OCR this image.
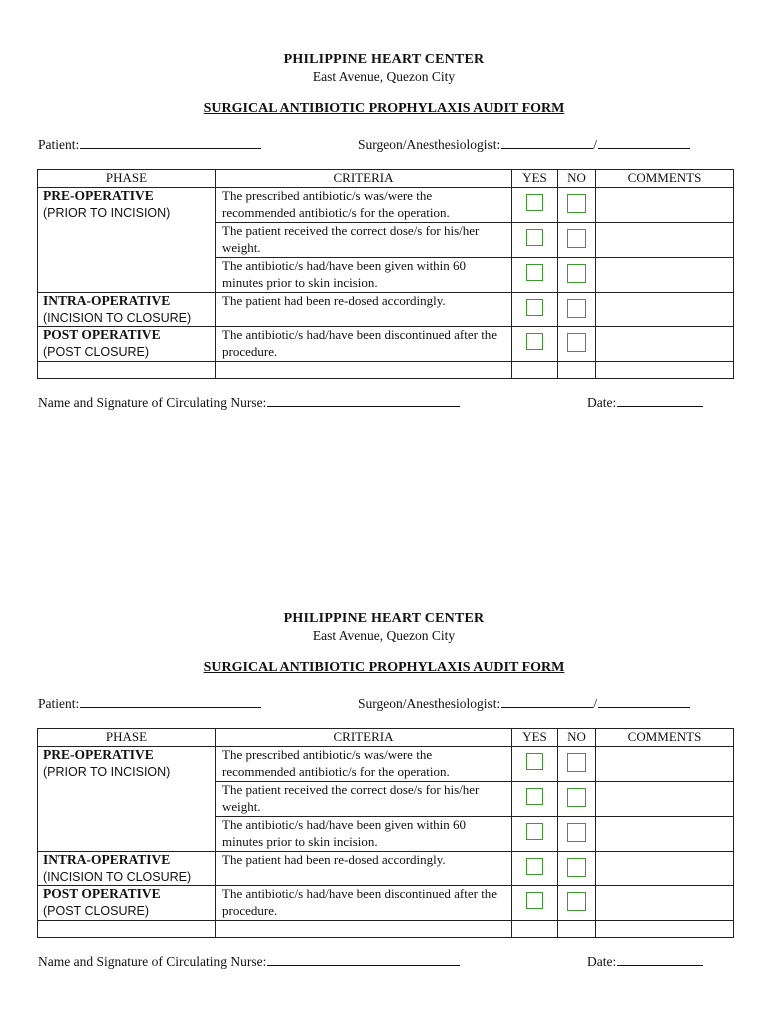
PHILIPPINE HEART CENTER
East Avenue, Quezon City
SURGICAL ANTIBIOTIC PROPHYLAXIS AUDIT FORM
Patient:	Surgeon/Anesthesiologist:	/
PHASE	CRITERIA	YES	NO	COMMENTS

PRE-OPERATIVE
(PRIOR TO INCISION)	The prescribed antibiotic/s was/were the recommended antibiotic/s for the operation.			

	The patient received the correct dose/s for his/her weight.			

	The antibiotic/s had/have been given within 60 minutes prior to skin incision.			

INTRA-OPERATIVE
(INCISION TO CLOSURE)	The patient had been re-dosed accordingly.			

POST OPERATIVE
(POST CLOSURE)	The antibiotic/s had/have been discontinued after the procedure.			

Name and Signature of Circulating Nurse:	Date:
PHILIPPINE HEART CENTER
East Avenue, Quezon City
SURGICAL ANTIBIOTIC PROPHYLAXIS AUDIT FORM
Patient:	Surgeon/Anesthesiologist:	/
PHASE	CRITERIA	YES	NO	COMMENTS

PRE-OPERATIVE
(PRIOR TO INCISION)	The prescribed antibiotic/s was/were the recommended antibiotic/s for the operation.			

	The patient received the correct dose/s for his/her weight.			

	The antibiotic/s had/have been given within 60 minutes prior to skin incision.			

INTRA-OPERATIVE
(INCISION TO CLOSURE)	The patient had been re-dosed accordingly.			

POST OPERATIVE
(POST CLOSURE)	The antibiotic/s had/have been discontinued after the procedure.			

Name and Signature of Circulating Nurse:	Date:
